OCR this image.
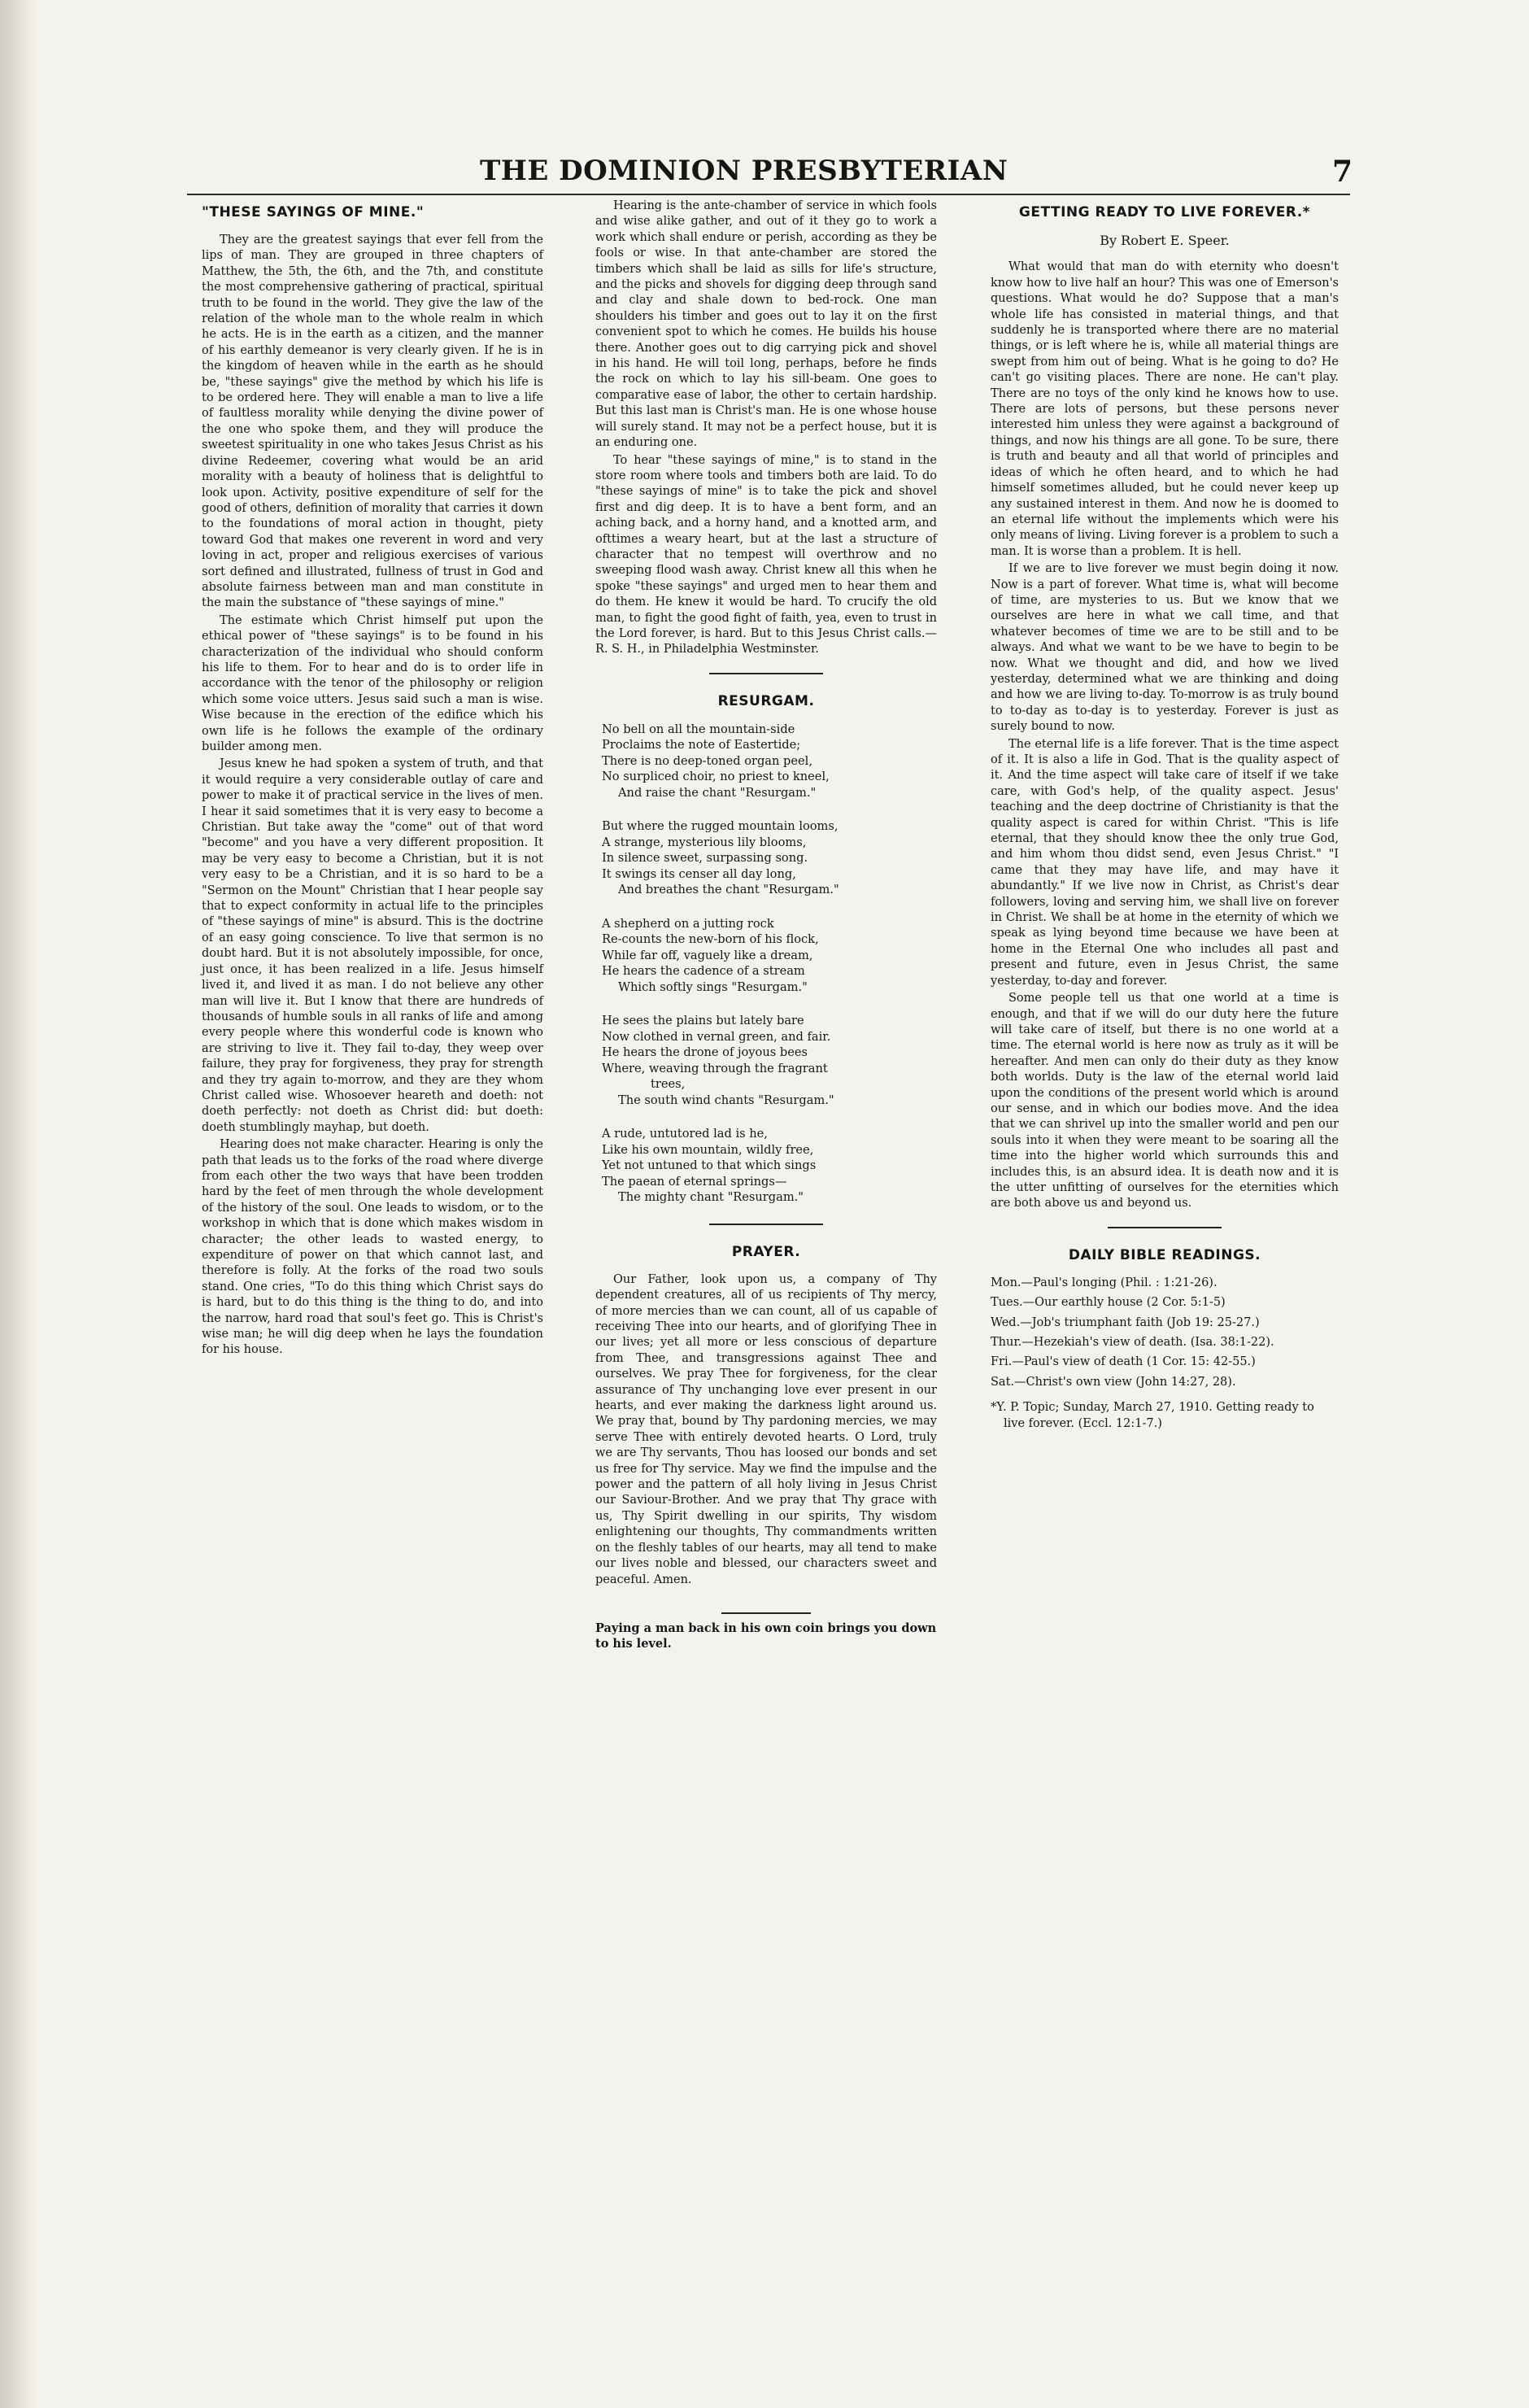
THE DOMINION PRESBYTERIAN	7
"THESE SAYINGS OF MINE."

They are the greatest sayings that ever fell from the lips of man. They are grouped in three chapters of Matthew, the 5th, the 6th, and the 7th, and constitute the most comprehensive gathering of practical, spiritual truth to be found in the world. They give the law of the relation of the whole man to the whole realm in which he acts. He is in the earth as a citizen, and the manner of his earthly demeanor is very clearly given. If he is in the kingdom of heaven while in the earth as he should be, "these sayings" give the method by which his life is to be ordered here. They will enable a man to live a life of faultless morality while denying the divine power of the one who spoke them, and they will produce the sweetest spirituality in one who takes Jesus Christ as his divine Redeemer, covering what would be an arid morality with a beauty of holiness that is delightful to look upon. Activity, positive expenditure of self for the good of others, definition of morality that carries it down to the foundations of moral action in thought, piety toward God that makes one reverent in word and very loving in act, proper and religious exercises of various sort defined and illustrated, fullness of trust in God and absolute fairness between man and man constitute in the main the substance of "these sayings of mine."

The estimate which Christ himself put upon the ethical power of "these sayings" is to be found in his characterization of the individual who should conform his life to them. For to hear and do is to order life in accordance with the tenor of the philosophy or religion which some voice utters. Jesus said such a man is wise. Wise because in the erection of the edifice which his own life is he follows the example of the ordinary builder among men.

Jesus knew he had spoken a system of truth, and that it would require a very considerable outlay of care and power to make it of practical service in the lives of men. I hear it said sometimes that it is very easy to become a Christian. But take away the "come" out of that word "become" and you have a very different proposition. It may be very easy to become a Christian, but it is not very easy to be a Christian, and it is so hard to be a "Sermon on the Mount" Christian that I hear people say that to expect conformity in actual life to the principles of "these sayings of mine" is absurd. This is the doctrine of an easy going conscience. To live that sermon is no doubt hard. But it is not absolutely impossible, for once, just once, it has been realized in a life. Jesus himself lived it, and lived it as man. I do not believe any other man will live it. But I know that there are hundreds of thousands of humble souls in all ranks of life and among every people where this wonderful code is known who are striving to live it. They fail to-day, they weep over failure, they pray for forgiveness, they pray for strength and they try again to-morrow, and they are they whom Christ called wise. Whosoever heareth and doeth: not doeth perfectly: not doeth as Christ did: but doeth: doeth stumblingly mayhap, but doeth.

Hearing does not make character. Hearing is only the path that leads us to the forks of the road where diverge from each other the two ways that have been trodden hard by the feet of men through the whole development of the history of the soul. One leads to wisdom, or to the workshop in which that is done which makes wisdom in character; the other leads to wasted energy, to expenditure of power on that which cannot last, and therefore is folly. At the forks of the road two souls stand. One cries, "To do this thing which Christ says do is hard, but to do this thing is the thing to do, and into the narrow, hard road that soul's feet go. This is Christ's wise man; he will dig deep when he lays the foundation for his house.

Hearing is the ante-chamber of service in which fools and wise alike gather, and out of it they go to work a work which shall endure or perish, according as they be fools or wise. In that ante-chamber are stored the timbers which shall be laid as sills for life's structure, and the picks and shovels for digging deep through sand and clay and shale down to bed-rock. One man shoulders his timber and goes out to lay it on the first convenient spot to which he comes. He builds his house there. Another goes out to dig carrying pick and shovel in his hand. He will toil long, perhaps, before he finds the rock on which to lay his sill-beam. One goes to comparative ease of labor, the other to certain hardship. But this last man is Christ's man. He is one whose house will surely stand. It may not be a perfect house, but it is an enduring one.

To hear "these sayings of mine," is to stand in the store room where tools and timbers both are laid. To do "these sayings of mine" is to take the pick and shovel first and dig deep. It is to have a bent form, and an aching back, and a horny hand, and a knotted arm, and ofttimes a weary heart, but at the last a structure of character that no tempest will overthrow and no sweeping flood wash away. Christ knew all this when he spoke "these sayings" and urged men to hear them and do them. He knew it would be hard. To crucify the old man, to fight the good fight of faith, yea, even to trust in the Lord forever, is hard. But to this Jesus Christ calls.—R. S. H., in Philadelphia Westminster.

RESURGAM.
No bell on all the mountain-side
Proclaims the note of Eastertide;
There is no deep-toned organ peel,
No surpliced choir, no priest to kneel,
And raise the chant "Resurgam."
But where the rugged mountain looms,
A strange, mysterious lily blooms,
In silence sweet, surpassing song.
It swings its censer all day long,
And breathes the chant "Resurgam."
A shepherd on a jutting rock
Re-counts the new-born of his flock,
While far off, vaguely like a dream,
He hears the cadence of a stream
Which softly sings "Resurgam."
He sees the plains but lately bare
Now clothed in vernal green, and fair.
He hears the drone of joyous bees
Where, weaving through the fragrant
trees,
The south wind chants "Resurgam."
A rude, untutored lad is he,
Like his own mountain, wildly free,
Yet not untuned to that which sings
The paean of eternal springs—
The mighty chant "Resurgam."
PRAYER.

Our Father, look upon us, a company of Thy dependent creatures, all of us recipients of Thy mercy, of more mercies than we can count, all of us capable of receiving Thee into our hearts, and of glorifying Thee in our lives; yet all more or less conscious of departure from Thee, and transgressions against Thee and ourselves. We pray Thee for forgiveness, for the clear assurance of Thy unchanging love ever present in our hearts, and ever making the darkness light around us. We pray that, bound by Thy pardoning mercies, we may serve Thee with entirely devoted hearts. O Lord, truly we are Thy servants, Thou has loosed our bonds and set us free for Thy service. May we find the impulse and the power and the pattern of all holy living in Jesus Christ our Saviour-Brother. And we pray that Thy grace with us, Thy Spirit dwelling in our spirits, Thy wisdom enlightening our thoughts, Thy commandments written on the fleshly tables of our hearts, may all tend to make our lives noble and blessed, our characters sweet and peaceful. Amen.

Paying a man back in his own coin brings you down to his level.
GETTING READY TO LIVE FOREVER.*
By Robert E. Speer.

What would that man do with eternity who doesn't know how to live half an hour? This was one of Emerson's questions. What would he do? Suppose that a man's whole life has consisted in material things, and that suddenly he is transported where there are no material things, or is left where he is, while all material things are swept from him out of being. What is he going to do? He can't go visiting places. There are none. He can't play. There are no toys of the only kind he knows how to use. There are lots of persons, but these persons never interested him unless they were against a background of things, and now his things are all gone. To be sure, there is truth and beauty and all that world of principles and ideas of which he often heard, and to which he had himself sometimes alluded, but he could never keep up any sustained interest in them. And now he is doomed to an eternal life without the implements which were his only means of living. Living forever is a problem to such a man. It is worse than a problem. It is hell.

If we are to live forever we must begin doing it now. Now is a part of forever. What time is, what will become of time, are mysteries to us. But we know that we ourselves are here in what we call time, and that whatever becomes of time we are to be still and to be always. And what we want to be we have to begin to be now. What we thought and did, and how we lived yesterday, determined what we are thinking and doing and how we are living to-day. To-morrow is as truly bound to to-day as to-day is to yesterday. Forever is just as surely bound to now.

The eternal life is a life forever. That is the time aspect of it. It is also a life in God. That is the quality aspect of it. And the time aspect will take care of itself if we take care, with God's help, of the quality aspect. Jesus' teaching and the deep doctrine of Christianity is that the quality aspect is cared for within Christ. "This is life eternal, that they should know thee the only true God, and him whom thou didst send, even Jesus Christ." "I came that they may have life, and may have it abundantly." If we live now in Christ, as Christ's dear followers, loving and serving him, we shall live on forever in Christ. We shall be at home in the eternity of which we speak as lying beyond time because we have been at home in the Eternal One who includes all past and present and future, even in Jesus Christ, the same yesterday, to-day and forever.

Some people tell us that one world at a time is enough, and that if we will do our duty here the future will take care of itself, but there is no one world at a time. The eternal world is here now as truly as it will be hereafter. And men can only do their duty as they know both worlds. Duty is the law of the eternal world laid upon the conditions of the present world which is around our sense, and in which our bodies move. And the idea that we can shrivel up into the smaller world and pen our souls into it when they were meant to be soaring all the time into the higher world which surrounds this and includes this, is an absurd idea. It is death now and it is the utter unfitting of ourselves for the eternities which are both above us and beyond us.

DAILY BIBLE READINGS.
Mon.—Paul's longing (Phil. : 1:21-26).
Tues.—Our earthly house (2 Cor. 5:1-5)
Wed.—Job's triumphant faith (Job 19: 25-27.)
Thur.—Hezekiah's view of death. (Isa. 38:1-22).
Fri.—Paul's view of death (1 Cor. 15: 42-55.)
Sat.—Christ's own view (John 14:27, 28).
*Y. P. Topic; Sunday, March 27, 1910. Getting ready to live forever. (Eccl. 12:1-7.)
